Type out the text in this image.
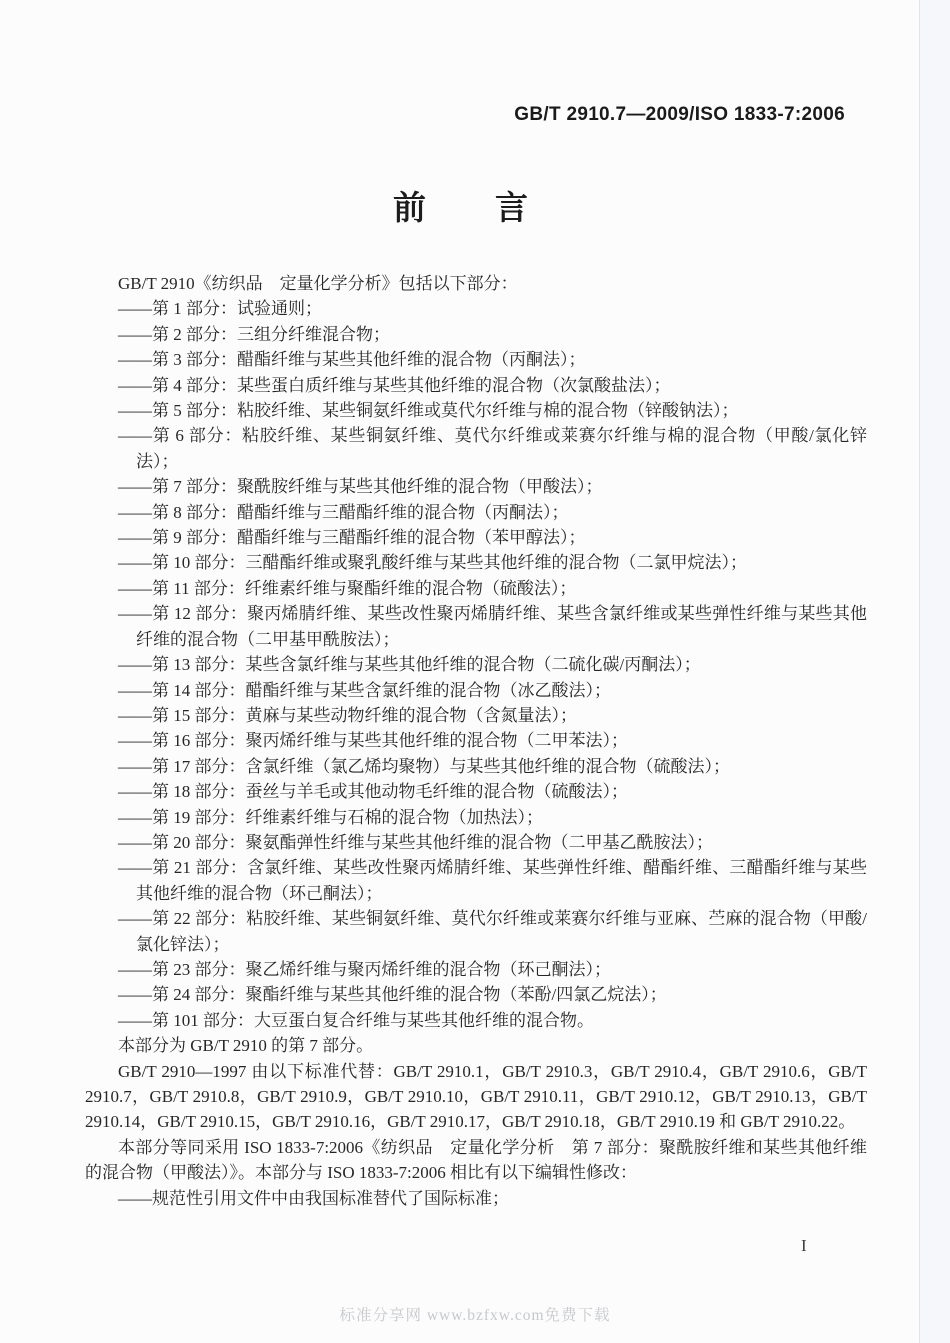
GB/T 2910.7—2009/ISO 1833-7:2006
前　　言

GB/T 2910《纺织品　定量化学分析》包括以下部分：

——第 1 部分：试验通则；
——第 2 部分：三组分纤维混合物；
——第 3 部分：醋酯纤维与某些其他纤维的混合物（丙酮法）；
——第 4 部分：某些蛋白质纤维与某些其他纤维的混合物（次氯酸盐法）；
——第 5 部分：粘胶纤维、某些铜氨纤维或莫代尔纤维与棉的混合物（锌酸钠法）；
——第 6 部分：粘胶纤维、某些铜氨纤维、莫代尔纤维或莱赛尔纤维与棉的混合物（甲酸/氯化锌法）；
——第 7 部分：聚酰胺纤维与某些其他纤维的混合物（甲酸法）；
——第 8 部分：醋酯纤维与三醋酯纤维的混合物（丙酮法）；
——第 9 部分：醋酯纤维与三醋酯纤维的混合物（苯甲醇法）；
——第 10 部分：三醋酯纤维或聚乳酸纤维与某些其他纤维的混合物（二氯甲烷法）；
——第 11 部分：纤维素纤维与聚酯纤维的混合物（硫酸法）；
——第 12 部分：聚丙烯腈纤维、某些改性聚丙烯腈纤维、某些含氯纤维或某些弹性纤维与某些其他纤维的混合物（二甲基甲酰胺法）；
——第 13 部分：某些含氯纤维与某些其他纤维的混合物（二硫化碳/丙酮法）；
——第 14 部分：醋酯纤维与某些含氯纤维的混合物（冰乙酸法）；
——第 15 部分：黄麻与某些动物纤维的混合物（含氮量法）；
——第 16 部分：聚丙烯纤维与某些其他纤维的混合物（二甲苯法）；
——第 17 部分：含氯纤维（氯乙烯均聚物）与某些其他纤维的混合物（硫酸法）；
——第 18 部分：蚕丝与羊毛或其他动物毛纤维的混合物（硫酸法）；
——第 19 部分：纤维素纤维与石棉的混合物（加热法）；
——第 20 部分：聚氨酯弹性纤维与某些其他纤维的混合物（二甲基乙酰胺法）；
——第 21 部分：含氯纤维、某些改性聚丙烯腈纤维、某些弹性纤维、醋酯纤维、三醋酯纤维与某些其他纤维的混合物（环己酮法）；
——第 22 部分：粘胶纤维、某些铜氨纤维、莫代尔纤维或莱赛尔纤维与亚麻、苎麻的混合物（甲酸/氯化锌法）；
——第 23 部分：聚乙烯纤维与聚丙烯纤维的混合物（环己酮法）；
——第 24 部分：聚酯纤维与某些其他纤维的混合物（苯酚/四氯乙烷法）；
——第 101 部分：大豆蛋白复合纤维与某些其他纤维的混合物。

本部分为 GB/T 2910 的第 7 部分。

GB/T 2910—1997 由以下标准代替：GB/T 2910.1，GB/T 2910.3，GB/T 2910.4，GB/T 2910.6，GB/T 2910.7，GB/T 2910.8，GB/T 2910.9，GB/T 2910.10，GB/T 2910.11，GB/T 2910.12，GB/T 2910.13，GB/T 2910.14，GB/T 2910.15，GB/T 2910.16，GB/T 2910.17，GB/T 2910.18，GB/T 2910.19 和 GB/T 2910.22。

本部分等同采用 ISO 1833-7:2006《纺织品　定量化学分析　第 7 部分：聚酰胺纤维和某些其他纤维的混合物（甲酸法）》。本部分与 ISO 1833-7:2006 相比有以下编辑性修改：

——规范性引用文件中由我国标准替代了国际标准；
I
标准分享网 www.bzfxw.com免费下载
